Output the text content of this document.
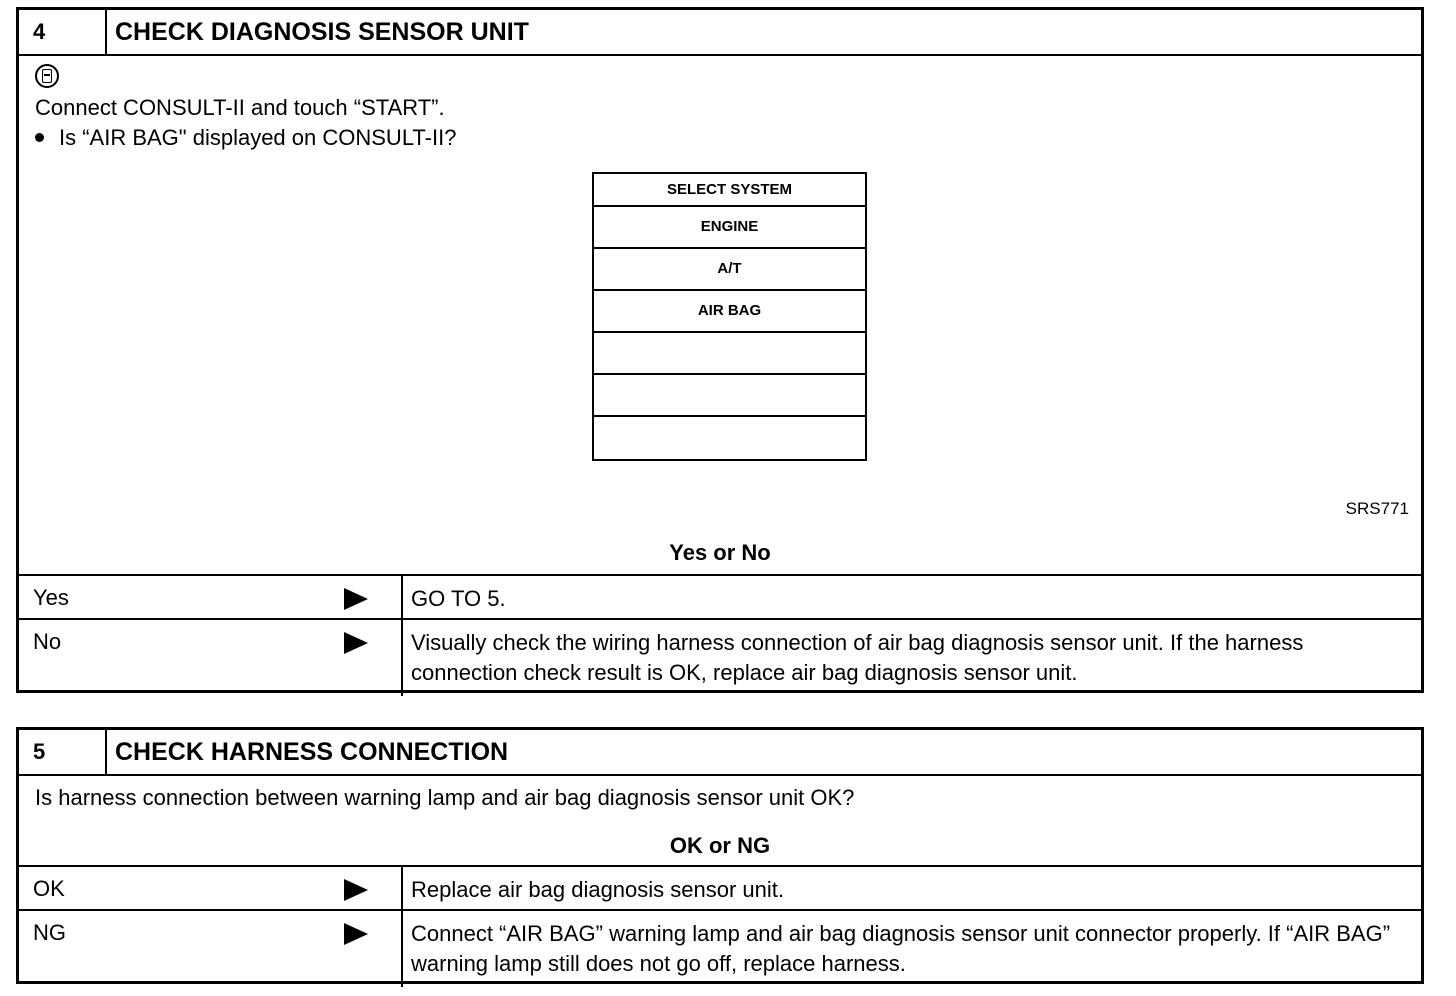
4	CHECK DIAGNOSIS SENSOR UNIT
Connect CONSULT-II and touch “START”.
Is “AIR BAG" displayed on CONSULT-II?
SELECT SYSTEM
ENGINE
A/T
AIR BAG
SRS771
Yes or No
Yes	GO TO 5.
No	Visually check the wiring harness connection of air bag diagnosis sensor unit. If the harness connection check result is OK, replace air bag diagnosis sensor unit.
5	CHECK HARNESS CONNECTION
Is harness connection between warning lamp and air bag diagnosis sensor unit OK?
OK or NG
OK	Replace air bag diagnosis sensor unit.
NG	Connect “AIR BAG” warning lamp and air bag diagnosis sensor unit connector properly. If “AIR BAG” warning lamp still does not go off, replace harness.
